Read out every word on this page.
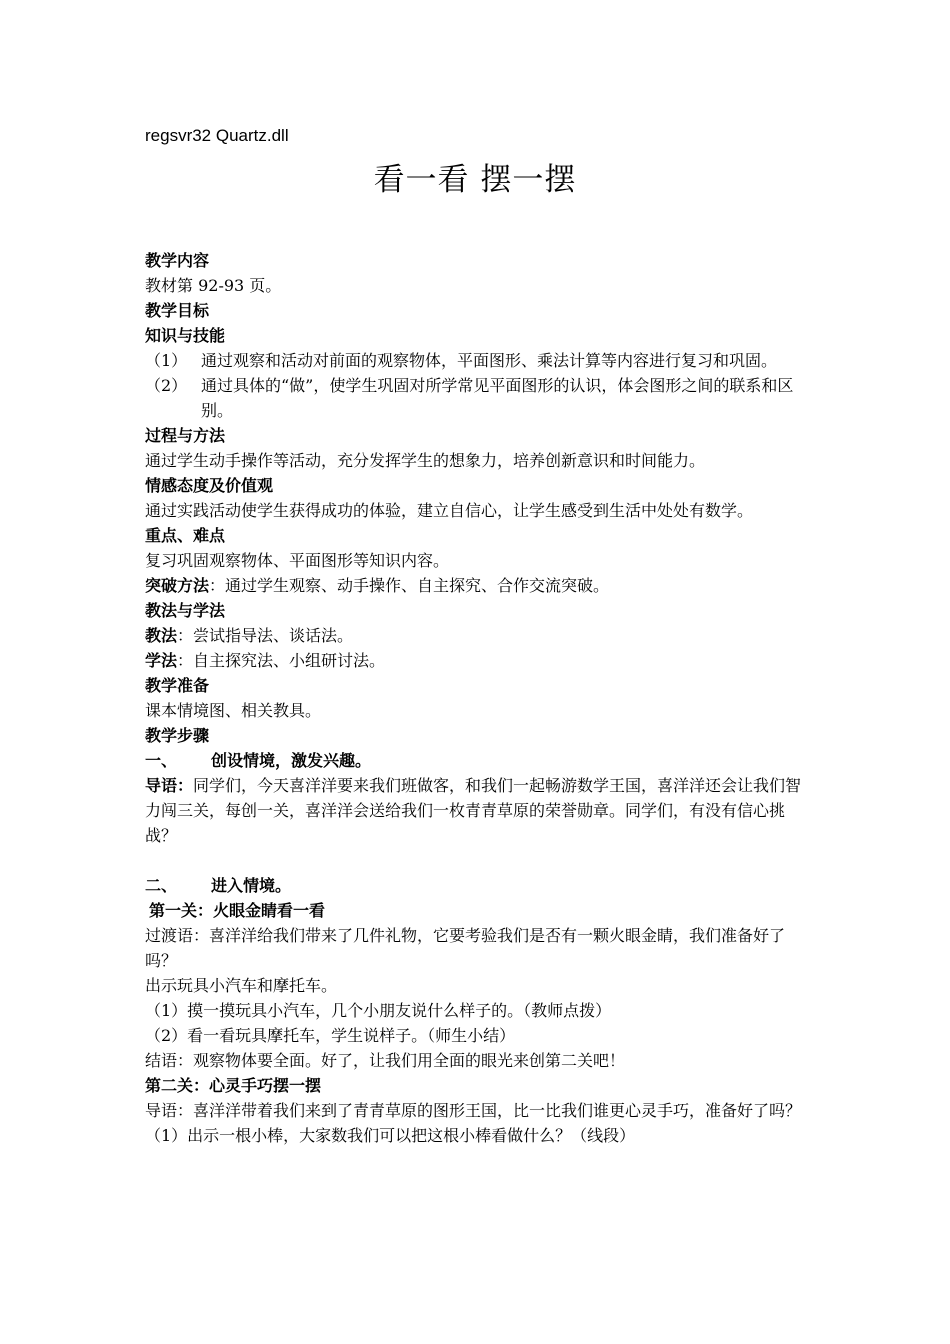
regsvr32 Quartz.dll
看一看 摆一摆

教学内容

教材第 92-93 页。

教学目标

知识与技能

（1） 通过观察和活动对前面的观察物体，平面图形、乘法计算等内容进行复习和巩固。
（2） 通过具体的“做”，使学生巩固对所学常见平面图形的认识，体会图形之间的联系和区别。

过程与方法

通过学生动手操作等活动，充分发挥学生的想象力，培养创新意识和时间能力。

情感态度及价值观

通过实践活动使学生获得成功的体验，建立自信心，让学生感受到生活中处处有数学。

重点、难点

复习巩固观察物体、平面图形等知识内容。

突破方法：通过学生观察、动手操作、自主探究、合作交流突破。

教法与学法

教法：尝试指导法、谈话法。

学法：自主探究法、小组研讨法。

教学准备

课本情境图、相关教具。

教学步骤

一、	创设情境，激发兴趣。

导语：同学们，今天喜洋洋要来我们班做客，和我们一起畅游数学王国，喜洋洋还会让我们智力闯三关，每创一关，喜洋洋会送给我们一枚青青草原的荣誉勋章。同学们，有没有信心挑战？

二、	进入情境。

第一关：火眼金睛看一看

过渡语：喜洋洋给我们带来了几件礼物，它要考验我们是否有一颗火眼金睛，我们准备好了吗？

出示玩具小汽车和摩托车。

（1）摸一摸玩具小汽车，几个小朋友说什么样子的。（教师点拨）

（2）看一看玩具摩托车，学生说样子。（师生小结）

结语：观察物体要全面。好了，让我们用全面的眼光来创第二关吧！

第二关：心灵手巧摆一摆

导语：喜洋洋带着我们来到了青青草原的图形王国，比一比我们谁更心灵手巧，准备好了吗？

（1）出示一根小棒，大家数我们可以把这根小棒看做什么？（线段）
